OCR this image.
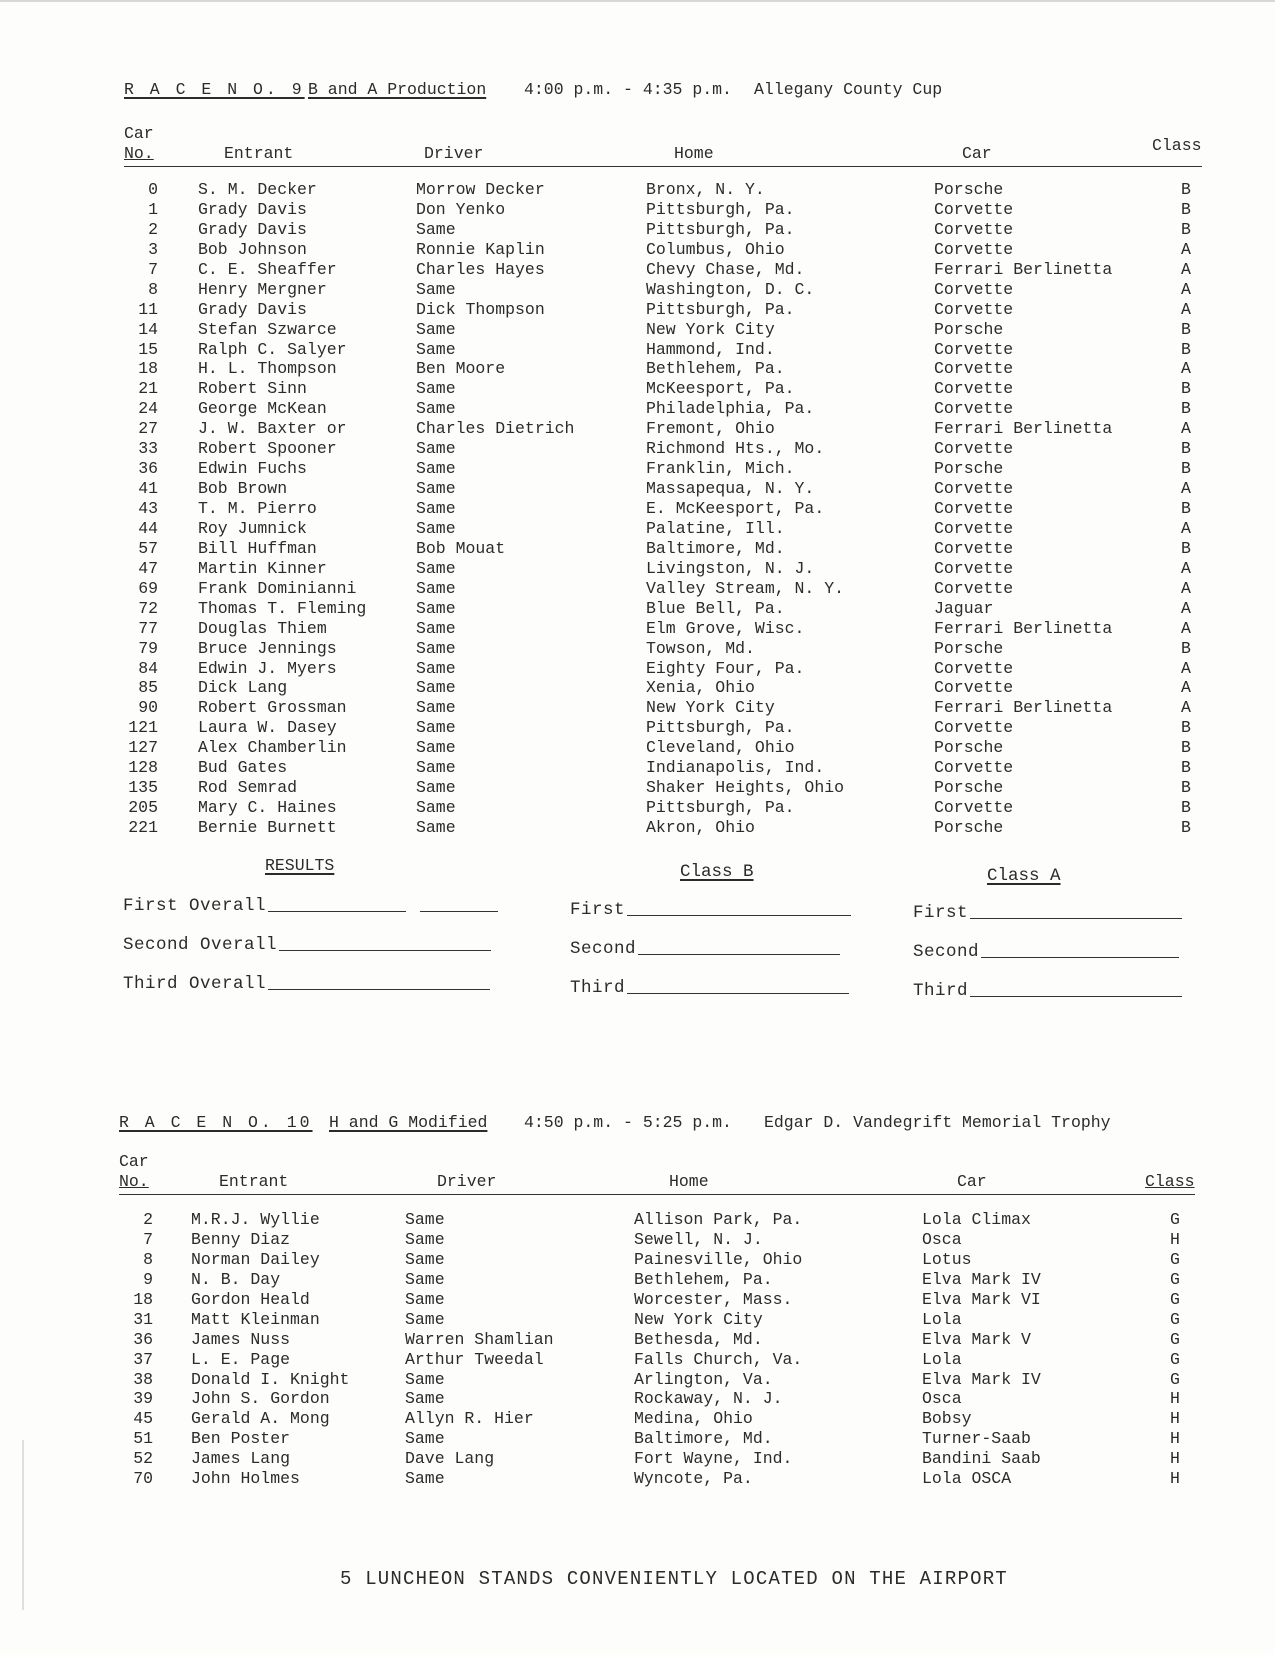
R A C E N O. 9 B and A Production 4:00 p.m. - 4:35 p.m. Allegany County Cup
Car
No.	Entrant	Driver	Home	Car	Class
0 S. M. Decker	Morrow Decker	Bronx, N. Y.	Porsche	B
1 Grady Davis	Don Yenko	Pittsburgh, Pa.	Corvette	B
2 Grady Davis	Same	Pittsburgh, Pa.	Corvette	B
3 Bob Johnson	Ronnie Kaplin	Columbus, Ohio	Corvette	A
7 C. E. Sheaffer	Charles Hayes	Chevy Chase, Md.	Ferrari Berlinetta	A
8 Henry Mergner	Same	Washington, D. C.	Corvette	A
11 Grady Davis	Dick Thompson	Pittsburgh, Pa.	Corvette	A
14 Stefan Szwarce	Same	New York City	Porsche	B
15 Ralph C. Salyer	Same	Hammond, Ind.	Corvette	B
18 H. L. Thompson	Ben Moore	Bethlehem, Pa.	Corvette	A
21 Robert Sinn	Same	McKeesport, Pa.	Corvette	B
24 George McKean	Same	Philadelphia, Pa.	Corvette	B
27 J. W. Baxter or	Charles Dietrich	Fremont, Ohio	Ferrari Berlinetta	A
33 Robert Spooner	Same	Richmond Hts., Mo.	Corvette	B
36 Edwin Fuchs	Same	Franklin, Mich.	Porsche	B
41 Bob Brown	Same	Massapequa, N. Y.	Corvette	A
43 T. M. Pierro	Same	E. McKeesport, Pa.	Corvette	B
44 Roy Jumnick	Same	Palatine, Ill.	Corvette	A
57 Bill Huffman	Bob Mouat	Baltimore, Md.	Corvette	B
47 Martin Kinner	Same	Livingston, N. J.	Corvette	A
69 Frank Dominianni	Same	Valley Stream, N. Y.	Corvette	A
72 Thomas T. Fleming	Same	Blue Bell, Pa.	Jaguar	A
77 Douglas Thiem	Same	Elm Grove, Wisc.	Ferrari Berlinetta	A
79 Bruce Jennings	Same	Towson, Md.	Porsche	B
84 Edwin J. Myers	Same	Eighty Four, Pa.	Corvette	A
85 Dick Lang	Same	Xenia, Ohio	Corvette	A
90 Robert Grossman	Same	New York City	Ferrari Berlinetta	A
121 Laura W. Dasey	Same	Pittsburgh, Pa.	Corvette	B
127 Alex Chamberlin	Same	Cleveland, Ohio	Porsche	B
128 Bud Gates	Same	Indianapolis, Ind.	Corvette	B
135 Rod Semrad	Same	Shaker Heights, Ohio	Porsche	B
205 Mary C. Haines	Same	Pittsburgh, Pa.	Corvette	B
221 Bernie Burnett	Same	Akron, Ohio	Porsche	B
RESULTS	Class B	Class A
First Overall
Second Overall
Third Overall
First
Second
Third
First
Second
Third
R A C E N O. 10 H and G Modified 4:50 p.m. - 5:25 p.m. Edgar D. Vandegrift Memorial Trophy
Car
No.	Entrant	Driver	Home	Car	Class
2 M.R.J. Wyllie	Same	Allison Park, Pa.	Lola Climax	G
7 Benny Diaz	Same	Sewell, N. J.	Osca	H
8 Norman Dailey	Same	Painesville, Ohio	Lotus	G
9 N. B. Day	Same	Bethlehem, Pa.	Elva Mark IV	G
18 Gordon Heald	Same	Worcester, Mass.	Elva Mark VI	G
31 Matt Kleinman	Same	New York City	Lola	G
36 James Nuss	Warren Shamlian	Bethesda, Md.	Elva Mark V	G
37 L. E. Page	Arthur Tweedal	Falls Church, Va.	Lola	G
38 Donald I. Knight	Same	Arlington, Va.	Elva Mark IV	G
39 John S. Gordon	Same	Rockaway, N. J.	Osca	H
45 Gerald A. Mong	Allyn R. Hier	Medina, Ohio	Bobsy	H
51 Ben Poster	Same	Baltimore, Md.	Turner-Saab	H
52 James Lang	Dave Lang	Fort Wayne, Ind.	Bandini Saab	H
70 John Holmes	Same	Wyncote, Pa.	Lola OSCA	H
5 LUNCHEON STANDS CONVENIENTLY LOCATED ON THE AIRPORT
